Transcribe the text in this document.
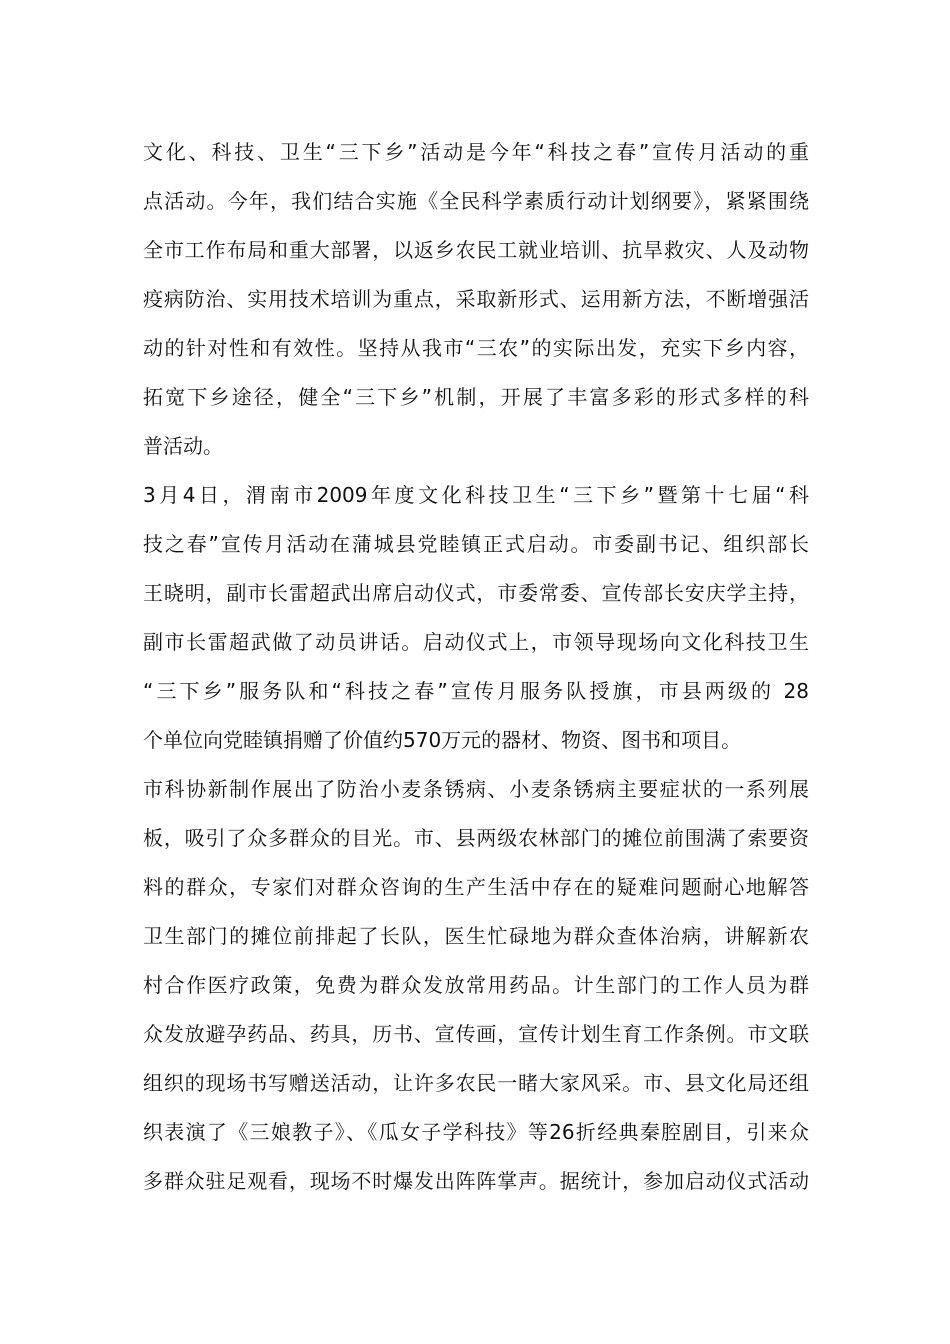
文化、科技、卫生“三下乡”活动是今年“科技之春”宣传月活动的重
点活动。今年，我们结合实施《全民科学素质行动计划纲要》，紧紧围绕
全市工作布局和重大部署，以返乡农民工就业培训、抗旱救灾、人及动物
疫病防治、实用技术培训为重点，采取新形式、运用新方法，不断增强活
动的针对性和有效性。坚持从我市“三农”的实际出发，充实下乡内容，
拓宽下乡途径，健全“三下乡”机制，开展了丰富多彩的形式多样的科
普活动。
3月4日，渭南市2009年度文化科技卫生“三下乡”暨第十七届“科
技之春”宣传月活动在蒲城县党睦镇正式启动。市委副书记、组织部长
王晓明，副市长雷超武出席启动仪式，市委常委、宣传部长安庆学主持，
副市长雷超武做了动员讲话。启动仪式上，市领导现场向文化科技卫生
“三下乡”服务队和“科技之春”宣传月服务队授旗，市县两级的 28
个单位向党睦镇捐赠了价值约570万元的器材、物资、图书和项目。
市科协新制作展出了防治小麦条锈病、小麦条锈病主要症状的一系列展
板，吸引了众多群众的目光。市、县两级农林部门的摊位前围满了索要资
料的群众，专家们对群众咨询的生产生活中存在的疑难问题耐心地解答
卫生部门的摊位前排起了长队，医生忙碌地为群众查体治病，讲解新农
村合作医疗政策，免费为群众发放常用药品。计生部门的工作人员为群
众发放避孕药品、药具，历书、宣传画，宣传计划生育工作条例。市文联
组织的现场书写赠送活动，让许多农民一睹大家风采。市、县文化局还组
织表演了《三娘教子》、《瓜女子学科技》等26折经典秦腔剧目，引来众
多群众驻足观看，现场不时爆发出阵阵掌声。据统计，参加启动仪式活动
